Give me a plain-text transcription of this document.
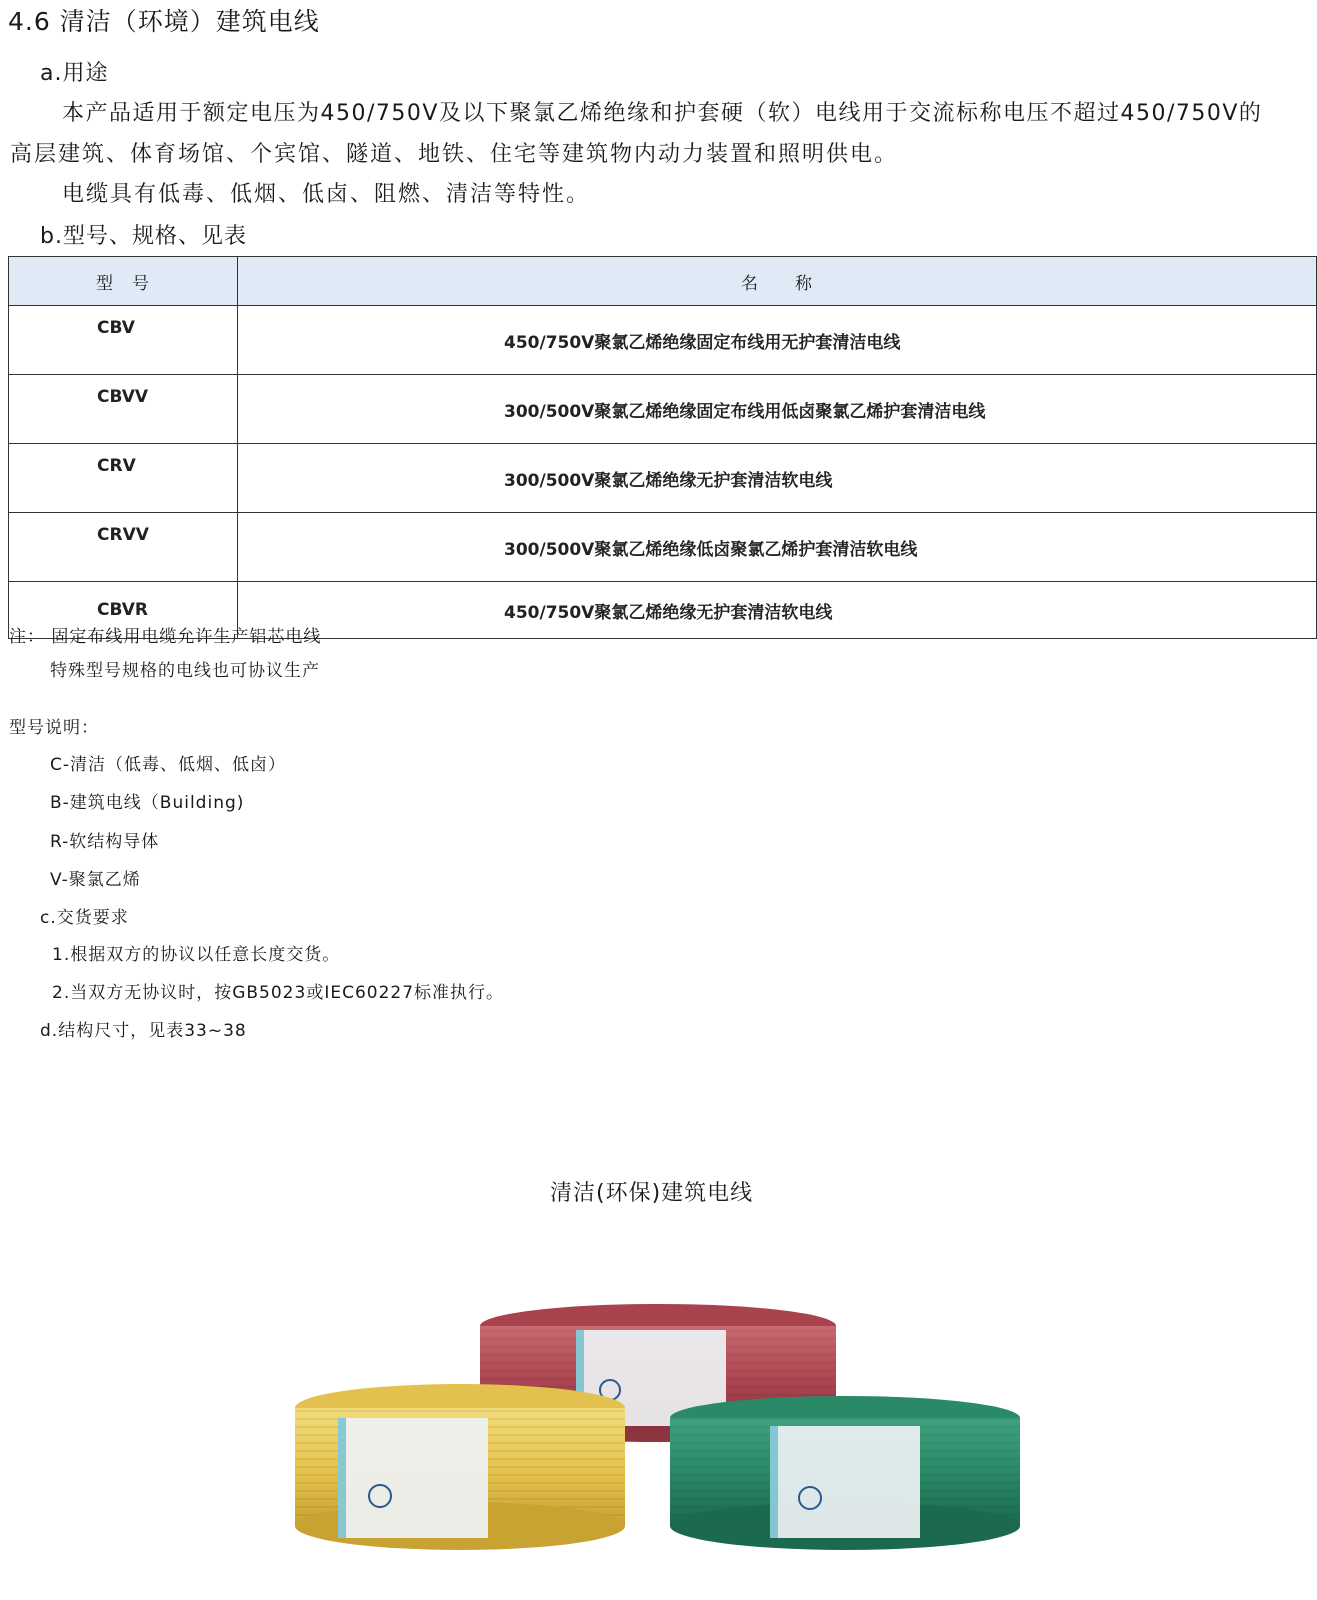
4.6 清洁（环境）建筑电线
a.用途
本产品适用于额定电压为450/750V及以下聚氯乙烯绝缘和护套硬（软）电线用于交流标称电压不超过450/750V的
高层建筑、体育场馆、个宾馆、隧道、地铁、住宅等建筑物内动力装置和照明供电。
电缆具有低毒、低烟、低卤、阻燃、清洁等特性。
b.型号、规格、见表
型　号	名　　称
CBV	450/750V聚氯乙烯绝缘固定布线用无护套清洁电线
CBVV	300/500V聚氯乙烯绝缘固定布线用低卤聚氯乙烯护套清洁电线
CRV	300/500V聚氯乙烯绝缘无护套清洁软电线
CRVV	300/500V聚氯乙烯绝缘低卤聚氯乙烯护套清洁软电线
CBVR	450/750V聚氯乙烯绝缘无护套清洁软电线
注： 固定布线用电缆允许生产铝芯电线
特殊型号规格的电线也可协议生产
型号说明：
C-清洁（低毒、低烟、低卤）
B-建筑电线（Building)
R-软结构导体
V-聚氯乙烯
c.交货要求
1.根据双方的协议以任意长度交货。
2.当双方无协议时，按GB5023或IEC60227标准执行。
d.结构尺寸，见表33~38
清洁(环保)建筑电线
